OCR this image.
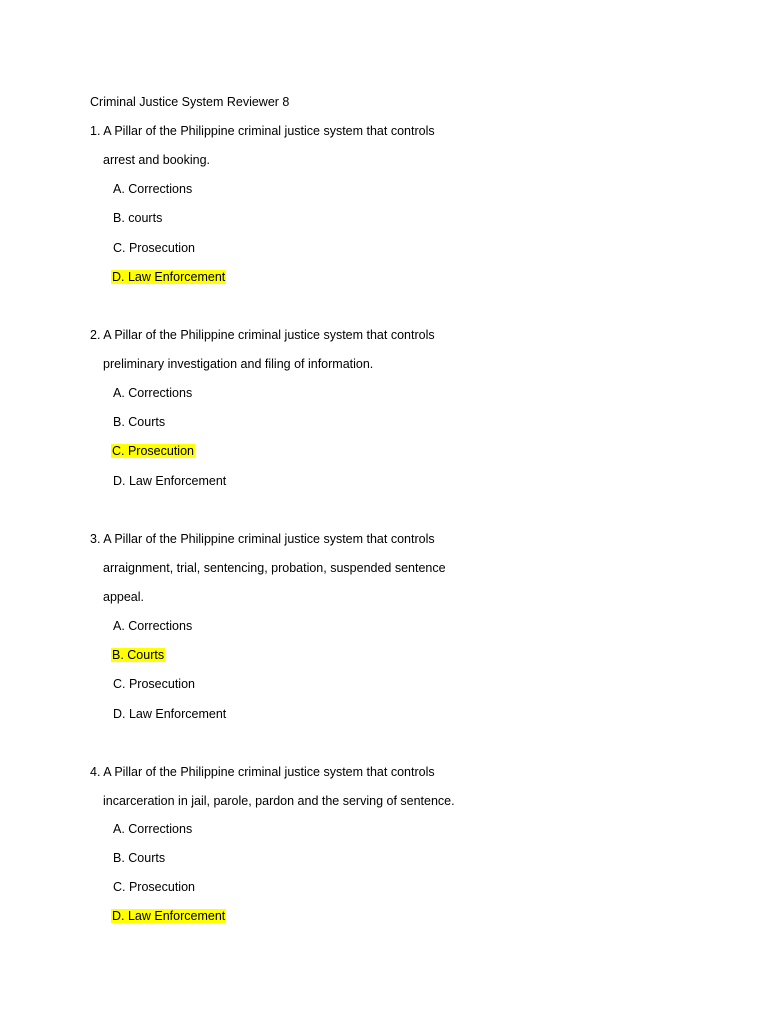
Criminal Justice System Reviewer 8
1. A Pillar of the Philippine criminal justice system that controls
arrest and booking.
A. Corrections
B. courts
C. Prosecution
D. Law Enforcement
2. A Pillar of the Philippine criminal justice system that controls
preliminary investigation and filing of information.
A. Corrections
B. Courts
C. Prosecution
D. Law Enforcement
3. A Pillar of the Philippine criminal justice system that controls
arraignment, trial, sentencing, probation, suspended sentence
appeal.
A. Corrections
B. Courts
C. Prosecution
D. Law Enforcement
4. A Pillar of the Philippine criminal justice system that controls
incarceration in jail, parole, pardon and the serving of sentence.
A. Corrections
B. Courts
C. Prosecution
D. Law Enforcement
